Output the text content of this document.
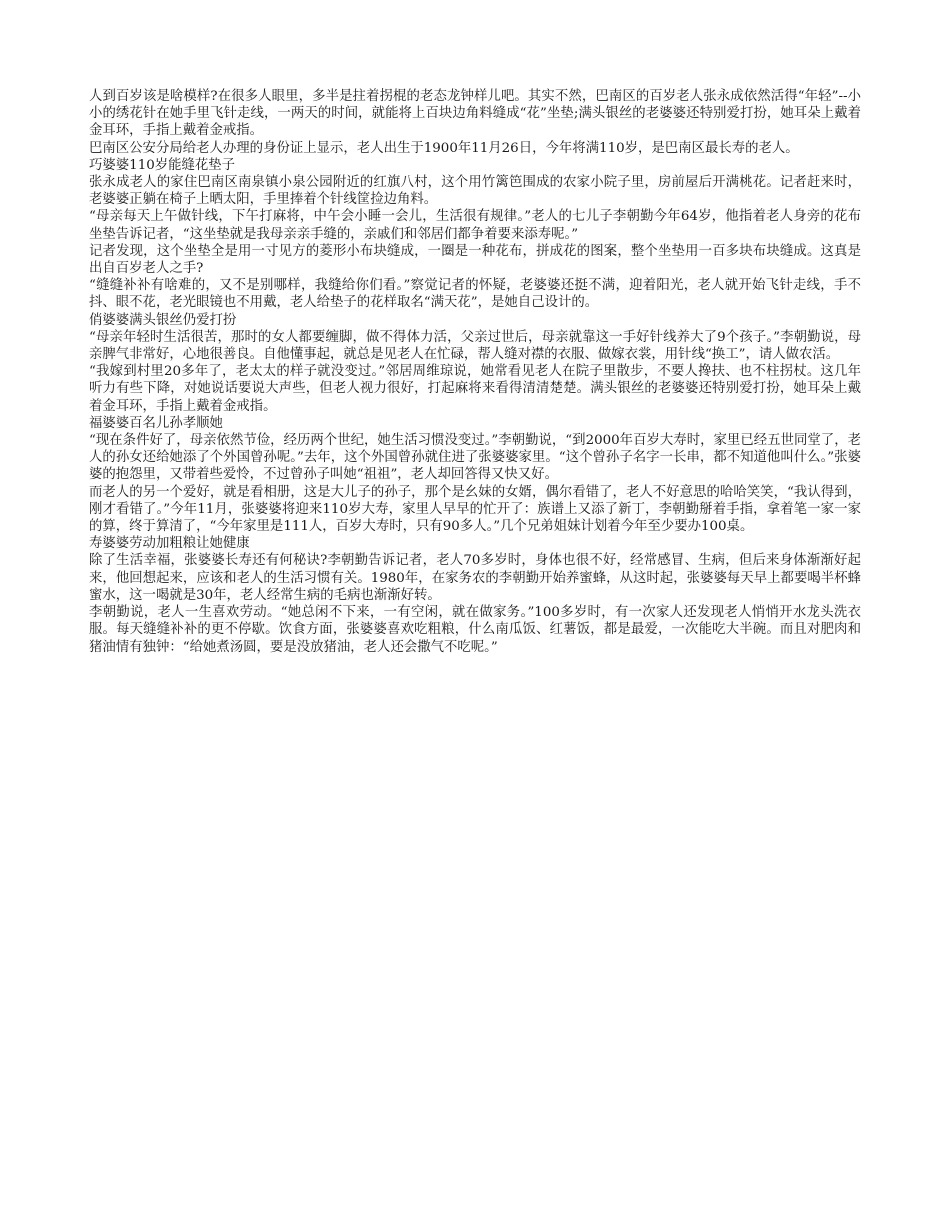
人到百岁该是啥模样?在很多人眼里，多半是拄着拐棍的老态龙钟样儿吧。其实不然，巴南区的百岁老人张永成依然活得“年轻”--小小的绣花针在她手里飞针走线，一两天的时间，就能将上百块边角料缝成“花”坐垫;满头银丝的老婆婆还特别爱打扮，她耳朵上戴着金耳环，手指上戴着金戒指。

巴南区公安分局给老人办理的身份证上显示，老人出生于1900年11月26日，今年将满110岁，是巴南区最长寿的老人。

巧婆婆110岁能缝花垫子

张永成老人的家住巴南区南泉镇小泉公园附近的红旗八村，这个用竹篱笆围成的农家小院子里，房前屋后开满桃花。记者赶来时，老婆婆正躺在椅子上晒太阳，手里捧着个针线筐捡边角料。

“母亲每天上午做针线，下午打麻将，中午会小睡一会儿，生活很有规律。”老人的七儿子李朝勤今年64岁，他指着老人身旁的花布坐垫告诉记者，“这坐垫就是我母亲亲手缝的，亲戚们和邻居们都争着要来添寿呢。”

记者发现，这个坐垫全是用一寸见方的菱形小布块缝成，一圈是一种花布，拼成花的图案，整个坐垫用一百多块布块缝成。这真是出自百岁老人之手?

“缝缝补补有啥难的，又不是别哪样，我缝给你们看。”察觉记者的怀疑，老婆婆还挺不满，迎着阳光，老人就开始飞针走线，手不抖、眼不花，老光眼镜也不用戴，老人给垫子的花样取名“满天花”，是她自己设计的。

俏婆婆满头银丝仍爱打扮

“母亲年轻时生活很苦，那时的女人都要缠脚，做不得体力活，父亲过世后，母亲就靠这一手好针线养大了9个孩子。”李朝勤说，母亲脾气非常好，心地很善良。自他懂事起，就总是见老人在忙碌，帮人缝对襟的衣服、做嫁衣裳，用针线“换工”，请人做农活。

“我嫁到村里20多年了，老太太的样子就没变过。”邻居周维琼说，她常看见老人在院子里散步，不要人搀扶、也不柱拐杖。这几年听力有些下降，对她说话要说大声些，但老人视力很好，打起麻将来看得清清楚楚。满头银丝的老婆婆还特别爱打扮，她耳朵上戴着金耳环，手指上戴着金戒指。

福婆婆百名儿孙孝顺她

“现在条件好了，母亲依然节俭，经历两个世纪，她生活习惯没变过。”李朝勤说，“到2000年百岁大寿时，家里已经五世同堂了，老人的孙女还给她添了个外国曾孙呢。”去年，这个外国曾孙就住进了张婆婆家里。“这个曾孙子名字一长串，都不知道他叫什么。”张婆婆的抱怨里，又带着些爱怜，不过曾孙子叫她“祖祖”，老人却回答得又快又好。

而老人的另一个爱好，就是看相册，这是大儿子的孙子，那个是幺妹的女婿，偶尔看错了，老人不好意思的哈哈笑笑，“我认得到，刚才看错了。”今年11月，张婆婆将迎来110岁大寿，家里人早早的忙开了：族谱上又添了新丁，李朝勤掰着手指，拿着笔一家一家的算，终于算清了，“今年家里是111人，百岁大寿时，只有90多人。”几个兄弟姐妹计划着今年至少要办100桌。

寿婆婆劳动加粗粮让她健康

除了生活幸福，张婆婆长寿还有何秘诀?李朝勤告诉记者，老人70多岁时，身体也很不好，经常感冒、生病，但后来身体渐渐好起来，他回想起来，应该和老人的生活习惯有关。1980年，在家务农的李朝勤开始养蜜蜂，从这时起，张婆婆每天早上都要喝半杯蜂蜜水，这一喝就是30年，老人经常生病的毛病也渐渐好转。

李朝勤说，老人一生喜欢劳动。“她总闲不下来，一有空闲，就在做家务。”100多岁时，有一次家人还发现老人悄悄开水龙头洗衣服。每天缝缝补补的更不停歇。饮食方面，张婆婆喜欢吃粗粮，什么南瓜饭、红薯饭，都是最爱，一次能吃大半碗。而且对肥肉和猪油情有独钟：“给她煮汤圆，要是没放猪油，老人还会撒气不吃呢。”
